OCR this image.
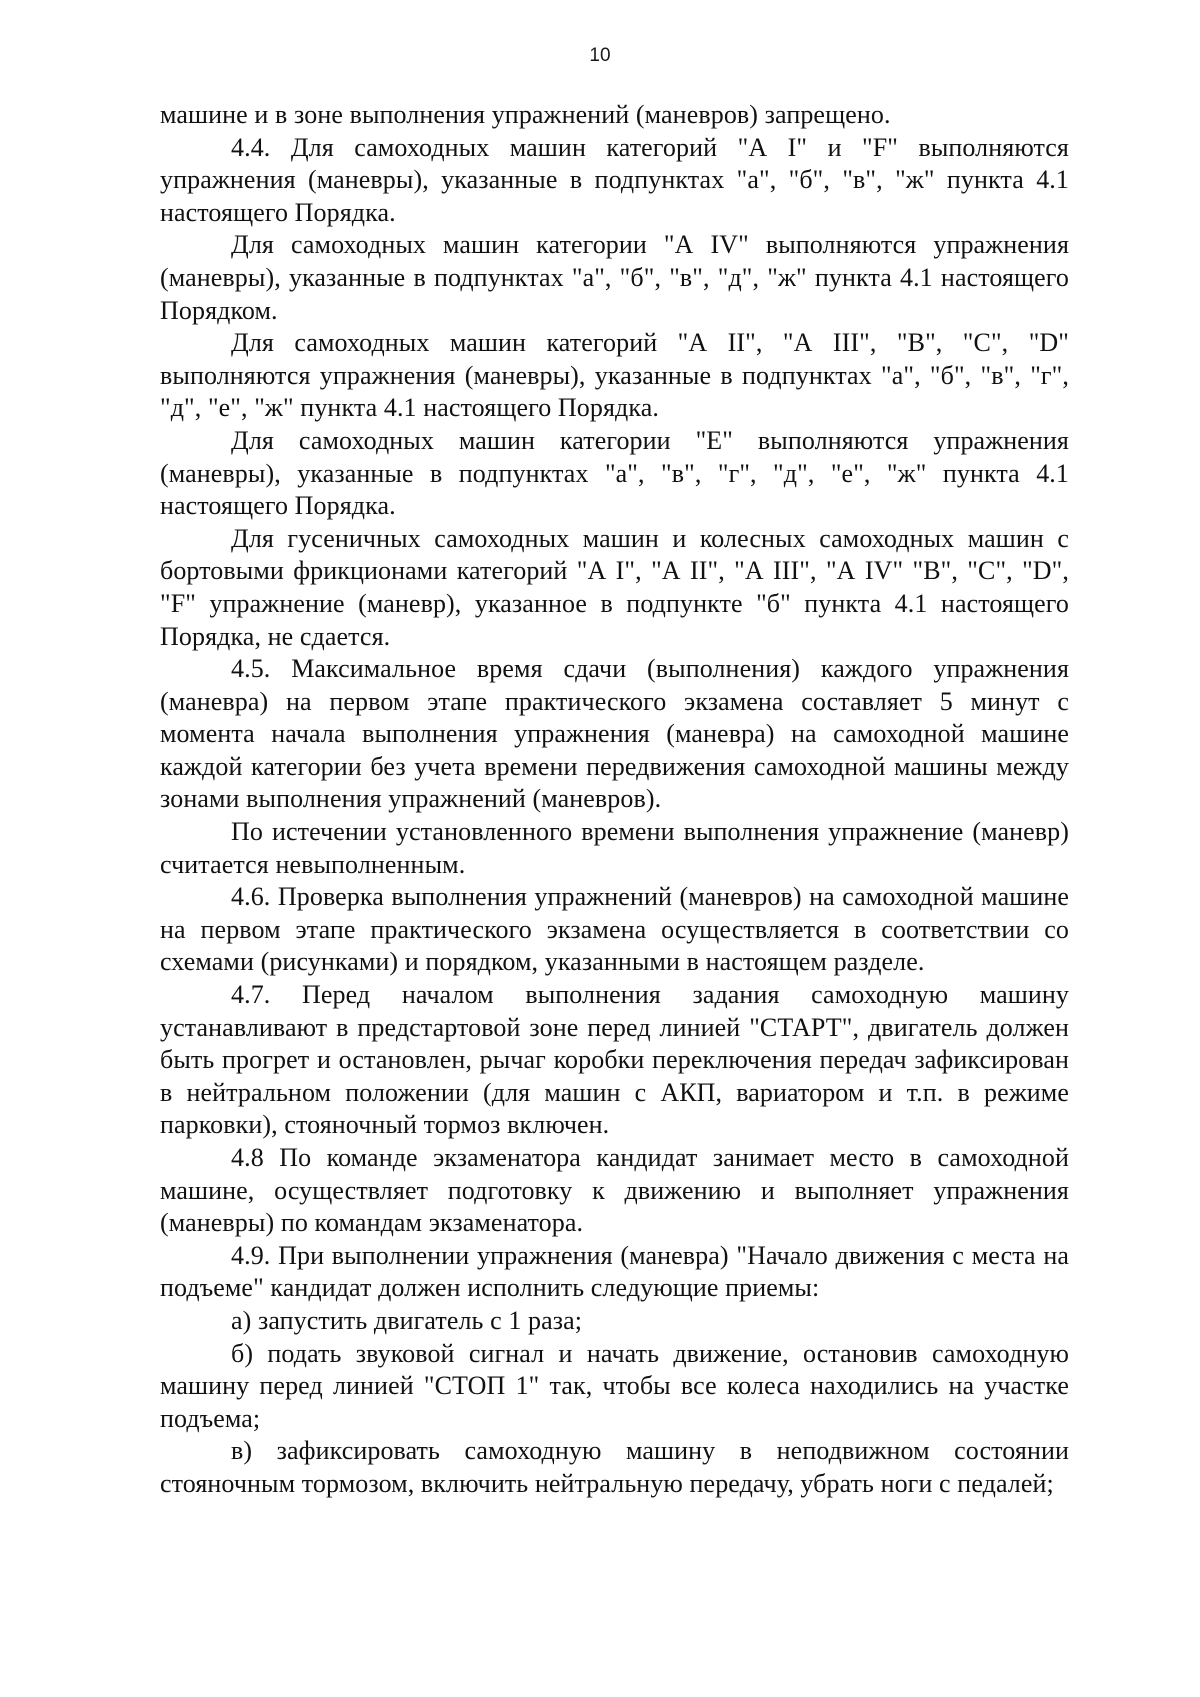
10

машине и в зоне выполнения упражнений (маневров) запрещено.

4.4. Для самоходных машин категорий "А I" и "F" выполняются упражнения (маневры), указанные в подпунктах "а", "б", "в", "ж" пункта 4.1 настоящего Порядка.

Для самоходных машин категории "А IV" выполняются упражнения (маневры), указанные в подпунктах "а", "б", "в", "д", "ж" пункта 4.1 настоящего Порядком.

Для самоходных машин категорий "А II", "А III", "В", "С", "D" выполняются упражнения (маневры), указанные в подпунктах "а", "б", "в", "г", "д", "е", "ж" пункта 4.1 настоящего Порядка.

Для самоходных машин категории "Е" выполняются упражнения (маневры), указанные в подпунктах "а", "в", "г", "д", "е", "ж" пункта 4.1 настоящего Порядка.

Для гусеничных самоходных машин и колесных самоходных машин с бортовыми фрикционами категорий "А I", "А II", "А III", "А IV" "В", "С", "D", "F" упражнение (маневр), указанное в подпункте "б" пункта 4.1 настоящего Порядка, не сдается.

4.5. Максимальное время сдачи (выполнения) каждого упражнения (маневра) на первом этапе практического экзамена составляет 5 минут с момента начала выполнения упражнения (маневра) на самоходной машине каждой категории без учета времени передвижения самоходной машины между зонами выполнения упражнений (маневров).

По истечении установленного времени выполнения упражнение (маневр) считается невыполненным.

4.6. Проверка выполнения упражнений (маневров) на самоходной машине на первом этапе практического экзамена осуществляется в соответствии со схемами (рисунками) и порядком, указанными в настоящем разделе.

4.7. Перед началом выполнения задания самоходную машину устанавливают в предстартовой зоне перед линией "СТАРТ", двигатель должен быть прогрет и остановлен, рычаг коробки переключения передач зафиксирован в нейтральном положении (для машин с АКП, вариатором и т.п. в режиме парковки), стояночный тормоз включен.

4.8 По команде экзаменатора кандидат занимает место в самоходной машине, осуществляет подготовку к движению и выполняет упражнения (маневры) по командам экзаменатора.

4.9. При выполнении упражнения (маневра) "Начало движения с места на подъеме" кандидат должен исполнить следующие приемы:

а) запустить двигатель с 1 раза;

б) подать звуковой сигнал и начать движение, остановив самоходную машину перед линией "СТОП 1" так, чтобы все колеса находились на участке подъема;

в) зафиксировать самоходную машину в неподвижном состоянии стояночным тормозом, включить нейтральную передачу, убрать ноги с педалей;
